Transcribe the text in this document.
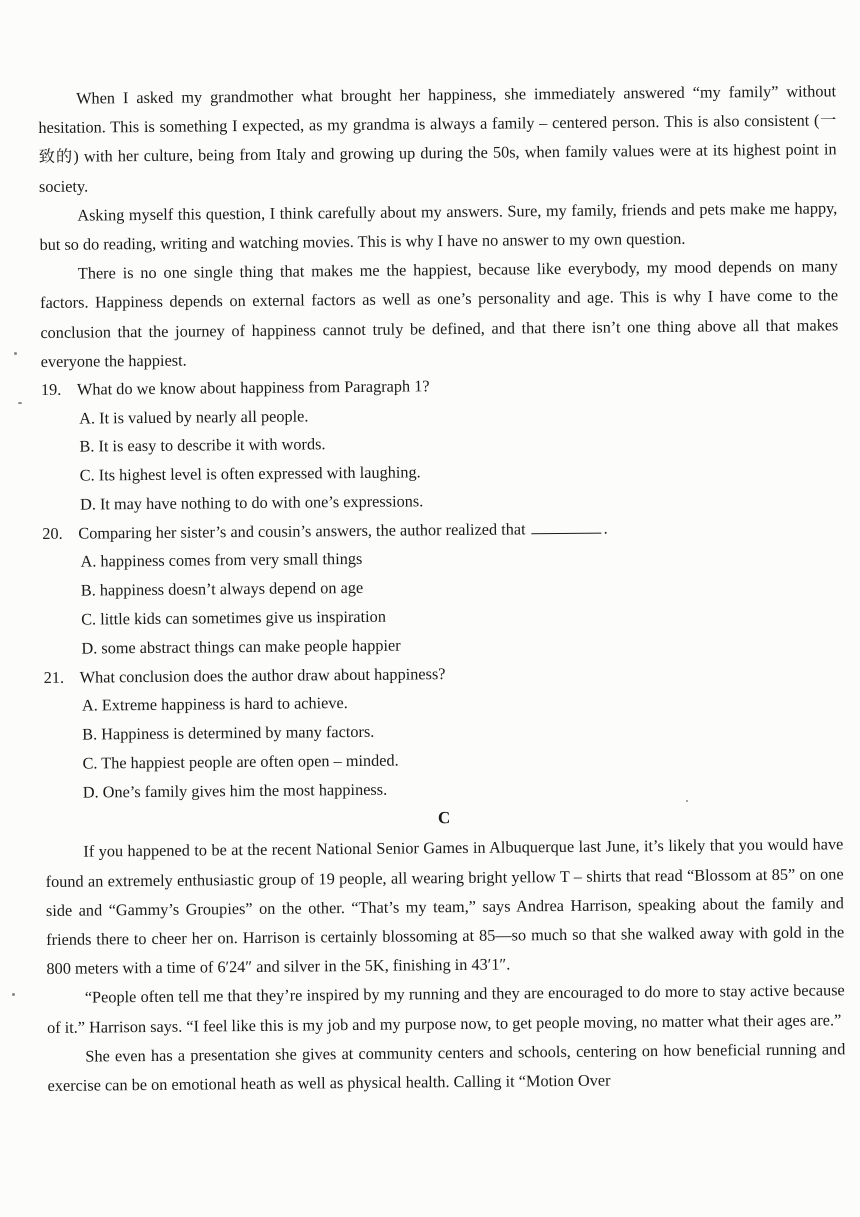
When I asked my grandmother what brought her happiness, she immediately answered “my family” without hesitation. This is something I expected, as my grandma is always a family – centered person. This is also consistent (一致的) with her culture, being from Italy and growing up during the 50s, when family values were at its highest point in society.

Asking myself this question, I think carefully about my answers. Sure, my family, friends and pets make me happy, but so do reading, writing and watching movies. This is why I have no answer to my own question.

There is no one single thing that makes me the happiest, because like everybody, my mood depends on many factors. Happiness depends on external factors as well as one’s personality and age. This is why I have come to the conclusion that the journey of happiness cannot truly be defined, and that there isn’t one thing above all that makes everyone the happiest.

19. What do we know about happiness from Paragraph 1?
A. It is valued by nearly all people.
B. It is easy to describe it with words.
C. Its highest level is often expressed with laughing.
D. It may have nothing to do with one’s expressions.
20. Comparing her sister’s and cousin’s answers, the author realized that	.
A. happiness comes from very small things
B. happiness doesn’t always depend on age
C. little kids can sometimes give us inspiration
D. some abstract things can make people happier
21. What conclusion does the author draw about happiness?
A. Extreme happiness is hard to achieve.
B. Happiness is determined by many factors.
C. The happiest people are often open – minded.
D. One’s family gives him the most happiness.

C

If you happened to be at the recent National Senior Games in Albuquerque last June, it’s likely that you would have found an extremely enthusiastic group of 19 people, all wearing bright yellow T – shirts that read “Blossom at 85” on one side and “Gammy’s Groupies” on the other. “That’s my team,” says Andrea Harrison, speaking about the family and friends there to cheer her on. Harrison is certainly blossoming at 85—so much so that she walked away with gold in the 800 meters with a time of 6′24″ and silver in the 5K, finishing in 43′1″.

“People often tell me that they’re inspired by my running and they are encouraged to do more to stay active because of it.” Harrison says. “I feel like this is my job and my purpose now, to get people moving, no matter what their ages are.”

She even has a presentation she gives at community centers and schools, centering on how beneficial running and exercise can be on emotional heath as well as physical health. Calling it “Motion Over
